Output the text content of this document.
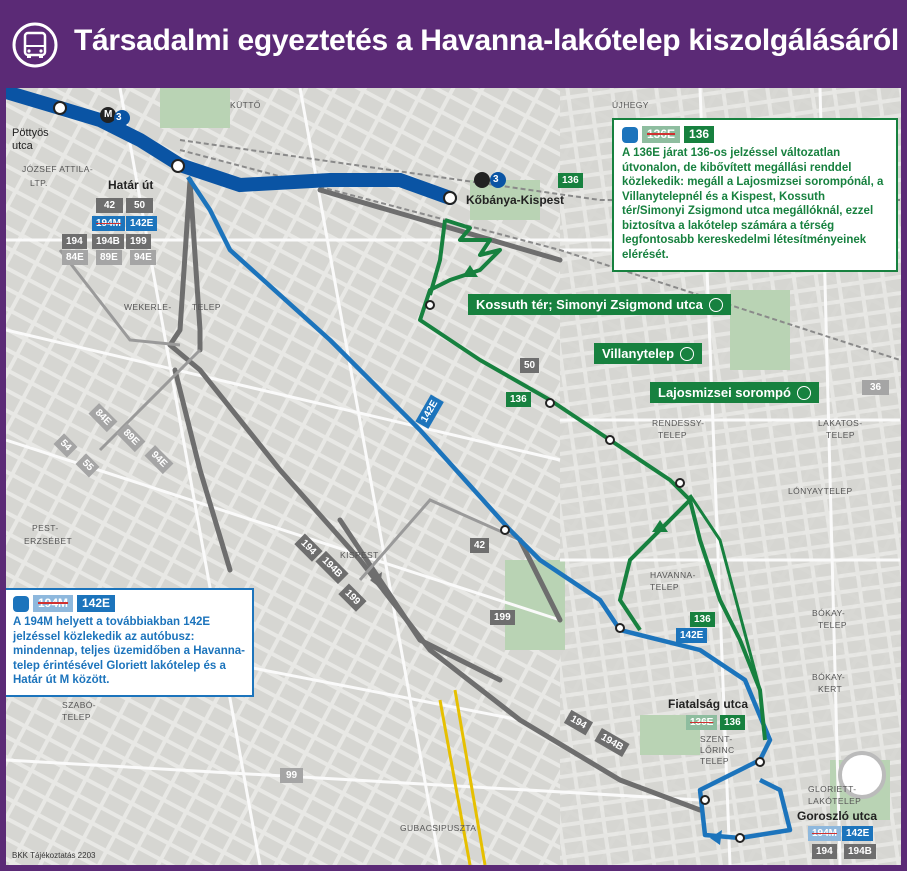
Társadalmi egyeztetés a Havanna-lakótelep kiszolgálásáról
Pöttyös utca
Határ út
Kőbánya-Kispest
Fiatalság utca
Goroszló utca
KÜTTŐ	ÚJHEGY
JÓZSEF ATTILA-
LTP.
WEKERLE- TELEP
RENDESSY-
TELEP
LAKATOS-
TELEP
LÓNYAYTELEP
KISPEST
PEST-
ERZSÉBET
HAVANNA-
TELEP
BÓKAY-
TELEP
BÓKAY-
KERT
SZENT-
LŐRINC
TELEP
GLORIETT-
LAKÓTELEP
SZABÓ-
TELEP
GUBACSIPUSZTA
42	50
194M 142E
194	194B	199
84E	89E	94E
136
50
136
142E
42
199
194
194B
199
84E
89E
94E
54
55
36
99
136
142E
136E	136
194
194B
194M 142E
194	194B
3
3
M
136E	136
A 136E járat 136-os jelzéssel változatlan útvonalon, de kibővített megállási renddel közlekedik: megáll a Lajosmizsei sorompónál, a Villanytelepnél és a Kispest, Kossuth tér/Simonyi Zsigmond utca megállóknál, ezzel biztosítva a lakótelep számára a térség legfontosabb kereskedelmi létesítményeinek elérését.
194M	142E
A 194M helyett a továbbiakban 142E jelzéssel közlekedik az autóbusz: mindennap, teljes üzemidőben a Havanna-telep érintésével Gloriett lakótelep és a Határ út M között.
Kossuth tér; Simonyi Zsigmond utca
Villanytelep
Lajosmizsei sorompó
BKK Tájékoztatás 2203
